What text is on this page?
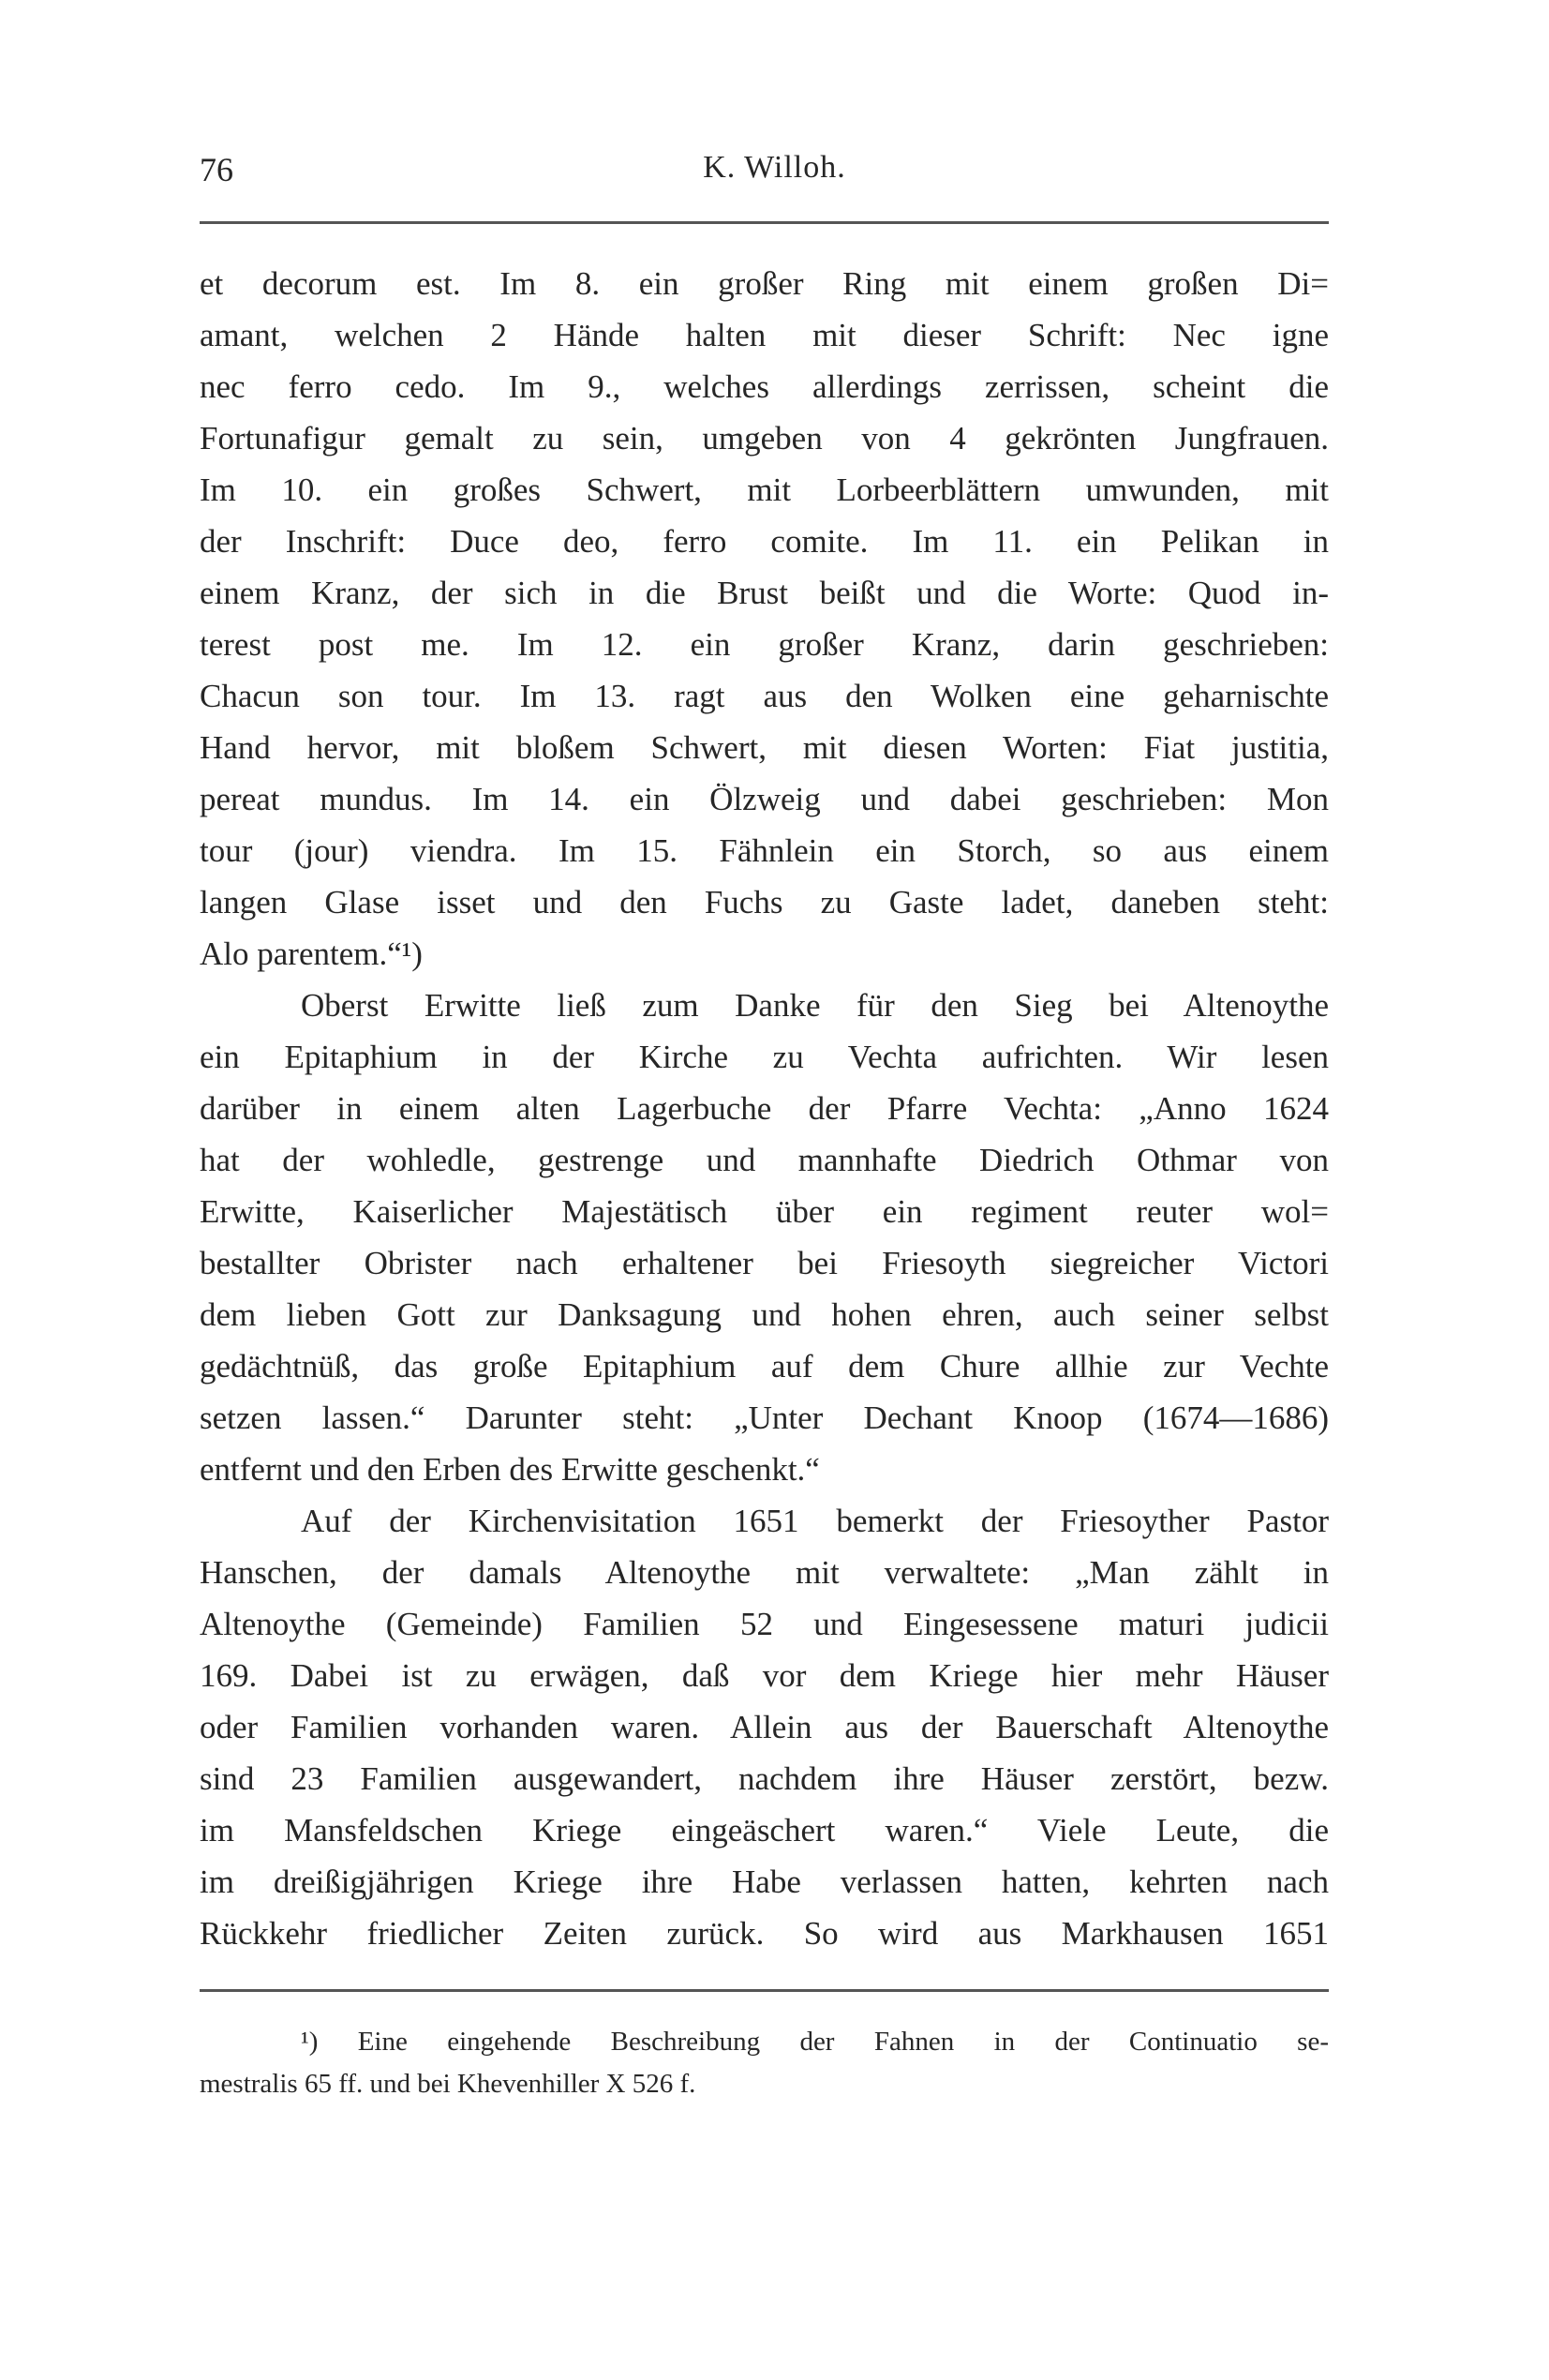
76	K. Willoh.
et decorum est. Im 8. ein großer Ring mit einem großen Di=
amant, welchen 2 Hände halten mit dieser Schrift: Nec igne
nec ferro cedo. Im 9., welches allerdings zerrissen, scheint die
Fortunafigur gemalt zu sein, umgeben von 4 gekrönten Jungfrauen.
Im 10. ein großes Schwert, mit Lorbeerblättern umwunden, mit
der Inschrift: Duce deo, ferro comite. Im 11. ein Pelikan in
einem Kranz, der sich in die Brust beißt und die Worte: Quod in-
terest post me. Im 12. ein großer Kranz, darin geschrieben:
Chacun son tour. Im 13. ragt aus den Wolken eine geharnischte
Hand hervor, mit bloßem Schwert, mit diesen Worten: Fiat justitia,
pereat mundus. Im 14. ein Ölzweig und dabei geschrieben: Mon
tour (jour) viendra. Im 15. Fähnlein ein Storch, so aus einem
langen Glase isset und den Fuchs zu Gaste ladet, daneben steht:
Alo parentem.“¹)
Oberst Erwitte ließ zum Danke für den Sieg bei Altenoythe
ein Epitaphium in der Kirche zu Vechta aufrichten. Wir lesen
darüber in einem alten Lagerbuche der Pfarre Vechta: „Anno 1624
hat der wohledle, gestrenge und mannhafte Diedrich Othmar von
Erwitte, Kaiserlicher Majestätisch über ein regiment reuter wol=
bestallter Obrister nach erhaltener bei Friesoyth siegreicher Victori
dem lieben Gott zur Danksagung und hohen ehren, auch seiner selbst
gedächtnüß, das große Epitaphium auf dem Chure allhie zur Vechte
setzen lassen.“ Darunter steht: „Unter Dechant Knoop (1674—1686)
entfernt und den Erben des Erwitte geschenkt.“
Auf der Kirchenvisitation 1651 bemerkt der Friesoyther Pastor
Hanschen, der damals Altenoythe mit verwaltete: „Man zählt in
Altenoythe (Gemeinde) Familien 52 und Eingesessene maturi judicii
169. Dabei ist zu erwägen, daß vor dem Kriege hier mehr Häuser
oder Familien vorhanden waren. Allein aus der Bauerschaft Altenoythe
sind 23 Familien ausgewandert, nachdem ihre Häuser zerstört, bezw.
im Mansfeldschen Kriege eingeäschert waren.“ Viele Leute, die
im dreißigjährigen Kriege ihre Habe verlassen hatten, kehrten nach
Rückkehr friedlicher Zeiten zurück. So wird aus Markhausen 1651
¹) Eine eingehende Beschreibung der Fahnen in der Continuatio se-
mestralis 65 ff. und bei Khevenhiller X 526 f.
